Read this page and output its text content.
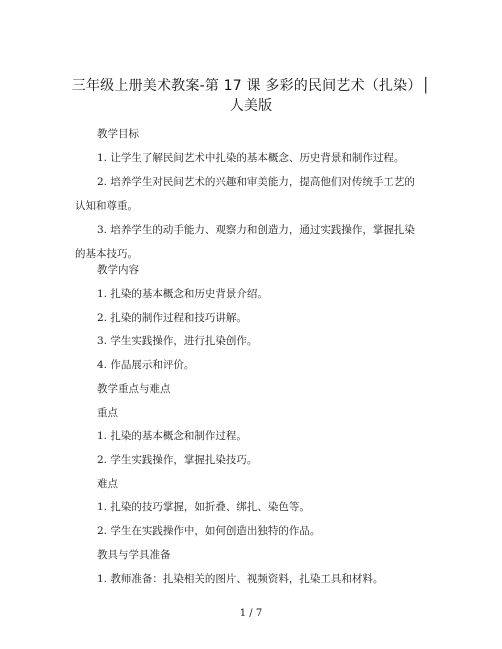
三年级上册美术教案-第 17 课 多彩的民间艺术（扎染）│人美版
教学目标
1. 让学生了解民间艺术中扎染的基本概念、历史背景和制作过程。
2. 培养学生对民间艺术的兴趣和审美能力，提高他们对传统手工艺的认知和尊重。
3. 培养学生的动手能力、观察力和创造力，通过实践操作，掌握扎染的基本技巧。
教学内容
1. 扎染的基本概念和历史背景介绍。
2. 扎染的制作过程和技巧讲解。
3. 学生实践操作，进行扎染创作。
4. 作品展示和评价。
教学重点与难点
重点
1. 扎染的基本概念和制作过程。
2. 学生实践操作，掌握扎染技巧。
难点
1. 扎染的技巧掌握，如折叠、绑扎、染色等。
2. 学生在实践操作中，如何创造出独特的作品。
教具与学具准备
1. 教师准备：扎染相关的图片、视频资料，扎染工具和材料。
1 / 7
